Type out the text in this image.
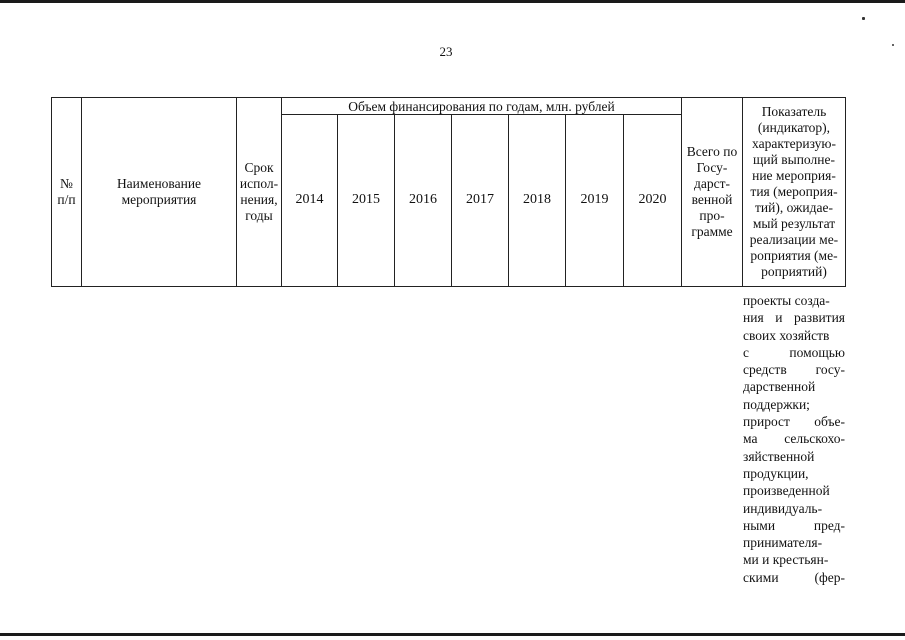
23
№ п/п	Наименование мероприятия	Срок испол-нения, годы	Объем финансирования по годам, млн. рублей							Всего по Госу-дарст-венной про-грамме	Показатель (индикатор), характеризую-щий выполне-ние мероприя-тия (мероприя-тий), ожидае-мый результат реализации ме-роприятия (ме-роприятий)
			2014	2015	2016	2017	2018	2019	2020		
проекты созда-
ния и развития
своих хозяйств
с помощью
средств госу-
дарственной
поддержки;
прирост объе-
ма сельскохо-
зяйственной
продукции,
произведенной
индивидуаль-
ными пред-
принимателя-
ми и крестьян-
скими (фер-
